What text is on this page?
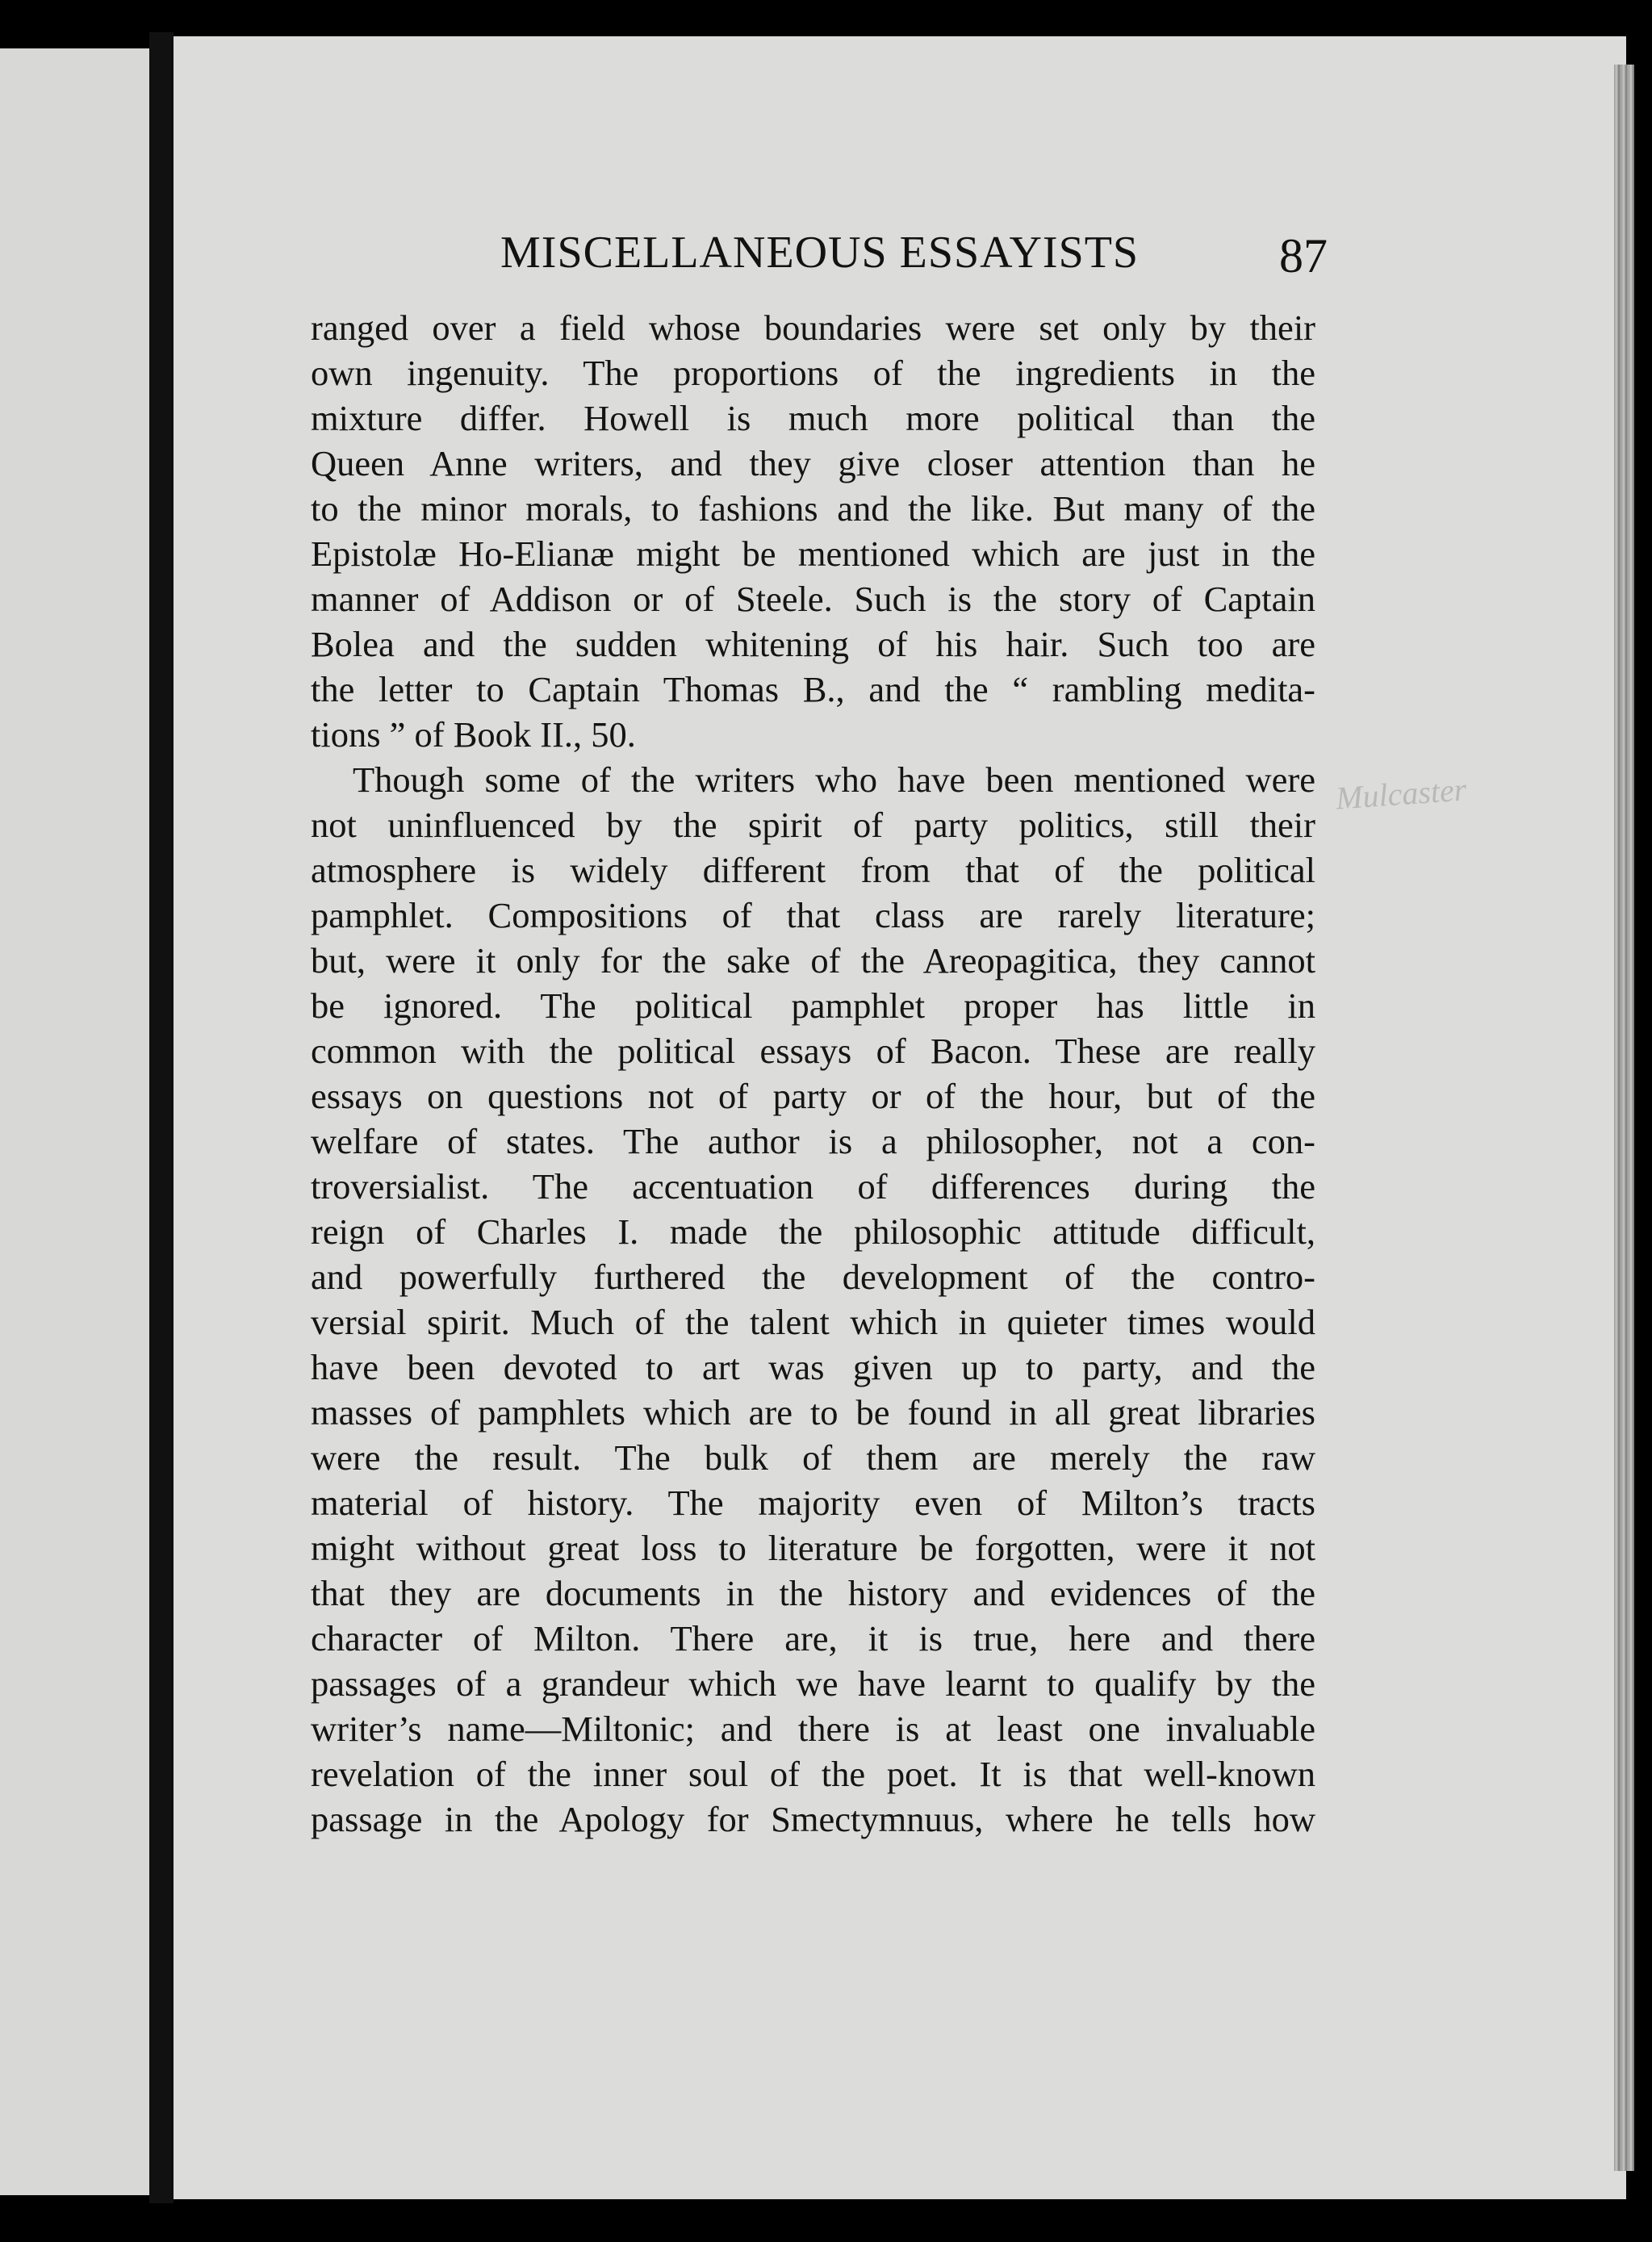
MISCELLANEOUS ESSAYISTS	87
Mulcaster
ranged over a field whose boundaries were set only by their
own ingenuity. The proportions of the ingredients in the
mixture differ. Howell is much more political than the
Queen Anne writers, and they give closer attention than he
to the minor morals, to fashions and the like. But many of the
Epistolæ Ho-Elianæ might be mentioned which are just in the
manner of Addison or of Steele. Such is the story of Captain
Bolea and the sudden whitening of his hair. Such too are
the letter to Captain Thomas B., and the “ rambling medita-
tions ” of Book II., 50.
Though some of the writers who have been mentioned were
not uninfluenced by the spirit of party politics, still their
atmosphere is widely different from that of the political
pamphlet. Compositions of that class are rarely literature;
but, were it only for the sake of the Areopagitica, they cannot
be ignored. The political pamphlet proper has little in
common with the political essays of Bacon. These are really
essays on questions not of party or of the hour, but of the
welfare of states. The author is a philosopher, not a con-
troversialist. The accentuation of differences during the
reign of Charles I. made the philosophic attitude difficult,
and powerfully furthered the development of the contro-
versial spirit. Much of the talent which in quieter times would
have been devoted to art was given up to party, and the
masses of pamphlets which are to be found in all great libraries
were the result. The bulk of them are merely the raw
material of history. The majority even of Milton’s tracts
might without great loss to literature be forgotten, were it not
that they are documents in the history and evidences of the
character of Milton. There are, it is true, here and there
passages of a grandeur which we have learnt to qualify by the
writer’s name—Miltonic; and there is at least one invaluable
revelation of the inner soul of the poet. It is that well-known
passage in the Apology for Smectymnuus, where he tells how
